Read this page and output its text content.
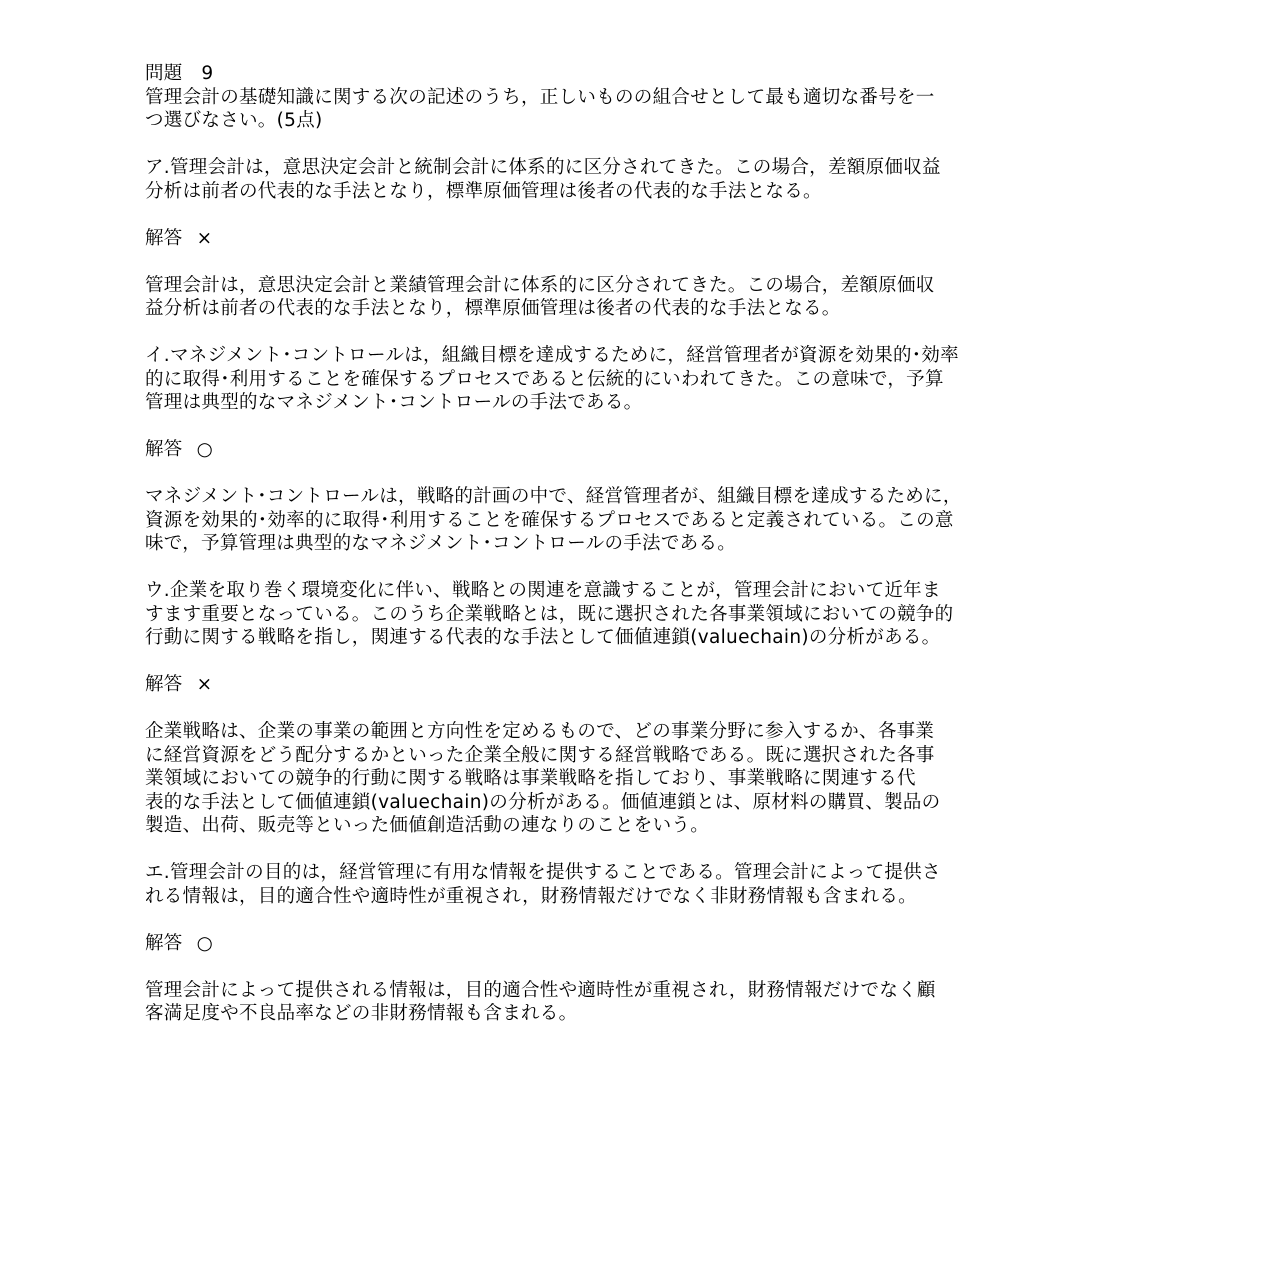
問題　9
管理会計の基礎知識に関する次の記述のうち，正しいものの組合せとして最も適切な番号を一
つ選びなさい。(5点)
ア.管理会計は，意思決定会計と統制会計に体系的に区分されてきた。この場合，差額原価収益
分析は前者の代表的な手法となり，標準原価管理は後者の代表的な手法となる。
解答 ×
管理会計は，意思決定会計と業績管理会計に体系的に区分されてきた。この場合，差額原価収
益分析は前者の代表的な手法となり，標準原価管理は後者の代表的な手法となる。
イ.マネジメント･コントロールは，組織目標を達成するために，経営管理者が資源を効果的･効率
的に取得･利用することを確保するプロセスであると伝統的にいわれてきた。この意味で，予算
管理は典型的なマネジメント･コントロールの手法である。
解答 ○
マネジメント･コントロールは，戦略的計画の中で、経営管理者が、組織目標を達成するために，
資源を効果的･効率的に取得･利用することを確保するプロセスであると定義されている。この意
味で，予算管理は典型的なマネジメント･コントロールの手法である。
ウ.企業を取り巻く環境変化に伴い、戦略との関連を意識することが，管理会計において近年ま
すます重要となっている。このうち企業戦略とは，既に選択された各事業領域においての競争的
行動に関する戦略を指し，関連する代表的な手法として価値連鎖(valuechain)の分析がある。
解答 ×
企業戦略は、企業の事業の範囲と方向性を定めるもので、どの事業分野に参入するか、各事業
に経営資源をどう配分するかといった企業全般に関する経営戦略である。既に選択された各事
業領域においての競争的行動に関する戦略は事業戦略を指しており、事業戦略に関連する代
表的な手法として価値連鎖(valuechain)の分析がある。価値連鎖とは、原材料の購買、製品の
製造、出荷、販売等といった価値創造活動の連なりのことをいう。
エ.管理会計の目的は，経営管理に有用な情報を提供することである。管理会計によって提供さ
れる情報は，目的適合性や適時性が重視され，財務情報だけでなく非財務情報も含まれる。
解答 ○
管理会計によって提供される情報は，目的適合性や適時性が重視され，財務情報だけでなく顧
客満足度や不良品率などの非財務情報も含まれる。
